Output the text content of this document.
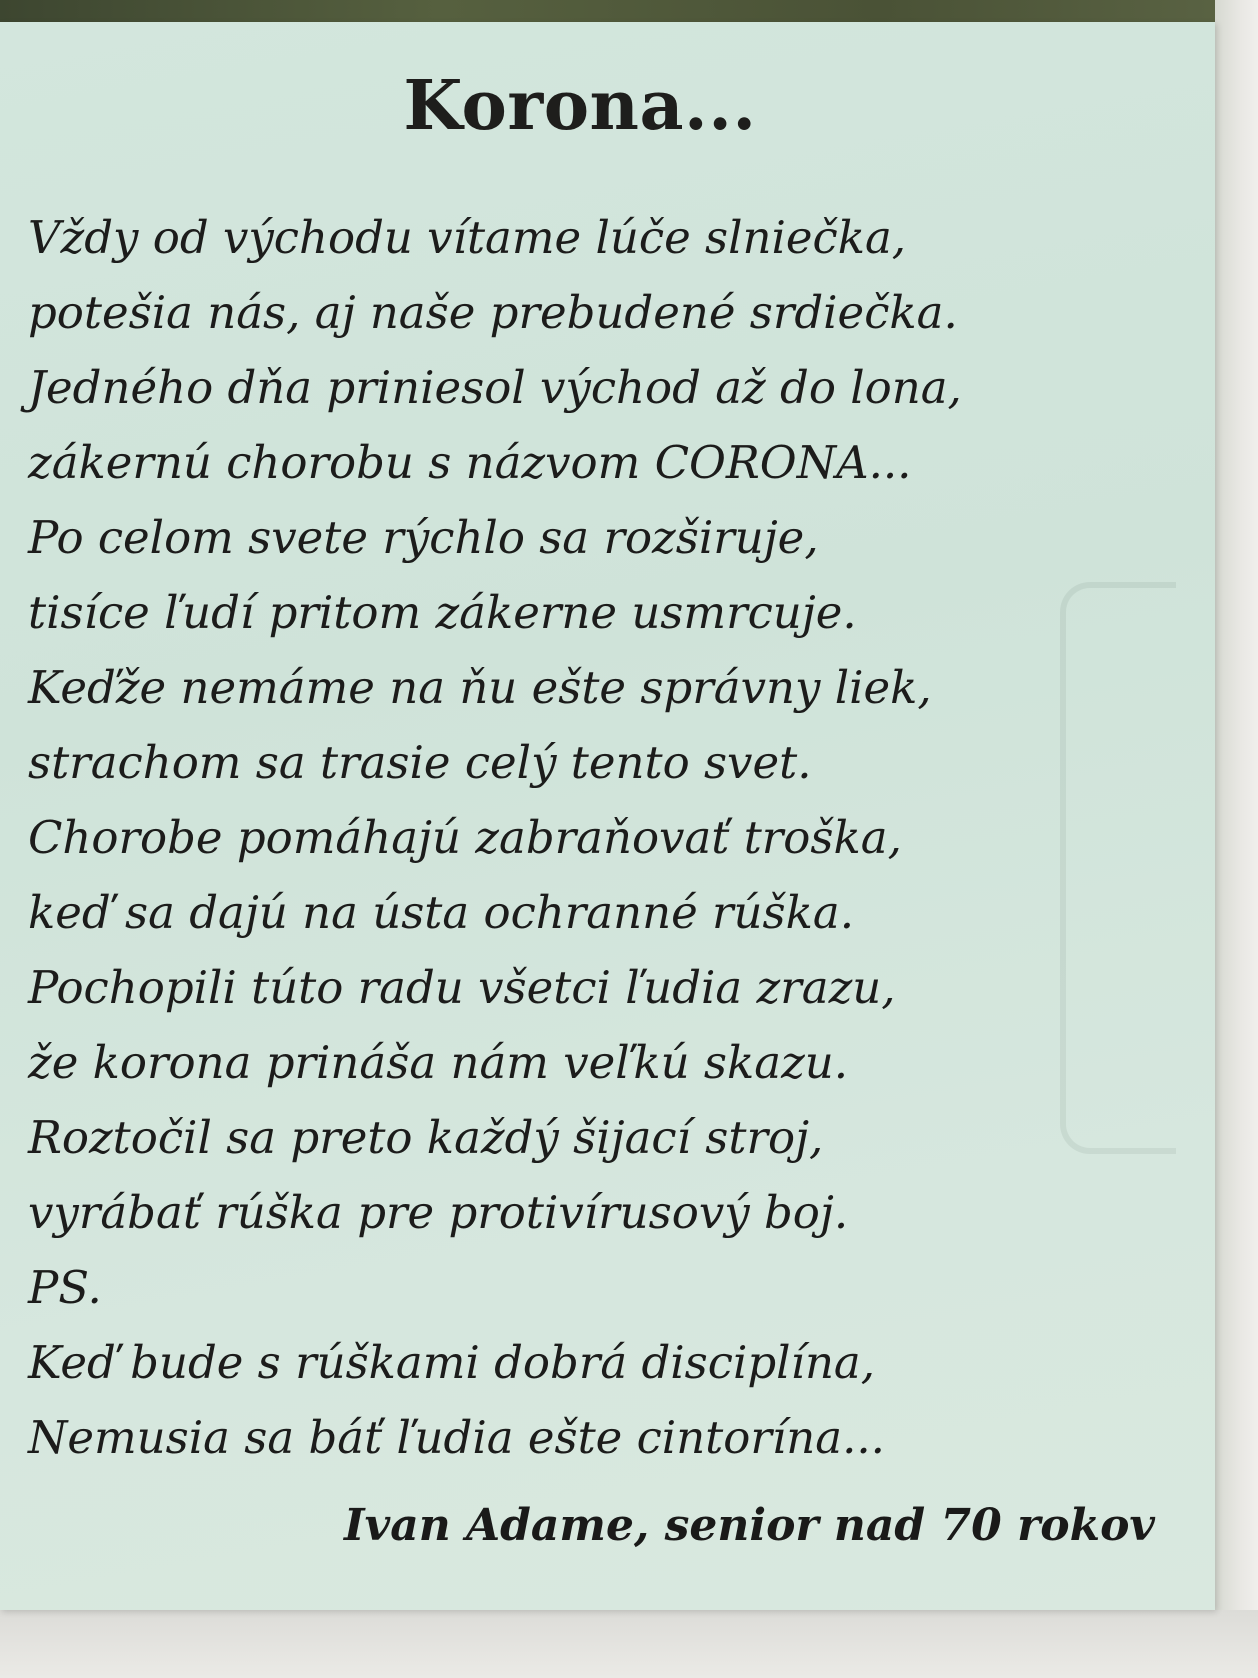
Korona...
Vždy od východu vítame lúče slniečka,
potešia nás, aj naše prebudené srdiečka.
Jedného dňa priniesol východ až do lona,
zákernú chorobu s názvom CORONA...
Po celom svete rýchlo sa rozširuje,
tisíce ľudí pritom zákerne usmrcuje.
Keďže nemáme na ňu ešte správny liek,
strachom sa trasie celý tento svet.
Chorobe pomáhajú zabraňovať troška,
keď sa dajú na ústa ochranné rúška.
Pochopili túto radu všetci ľudia zrazu,
že korona prináša nám veľkú skazu.
Roztočil sa preto každý šijací stroj,
vyrábať rúška pre protivírusový boj.
PS.
Keď bude s rúškami dobrá disciplína,
Nemusia sa báť ľudia ešte cintorína...
Ivan Adame, senior nad 70 rokov
